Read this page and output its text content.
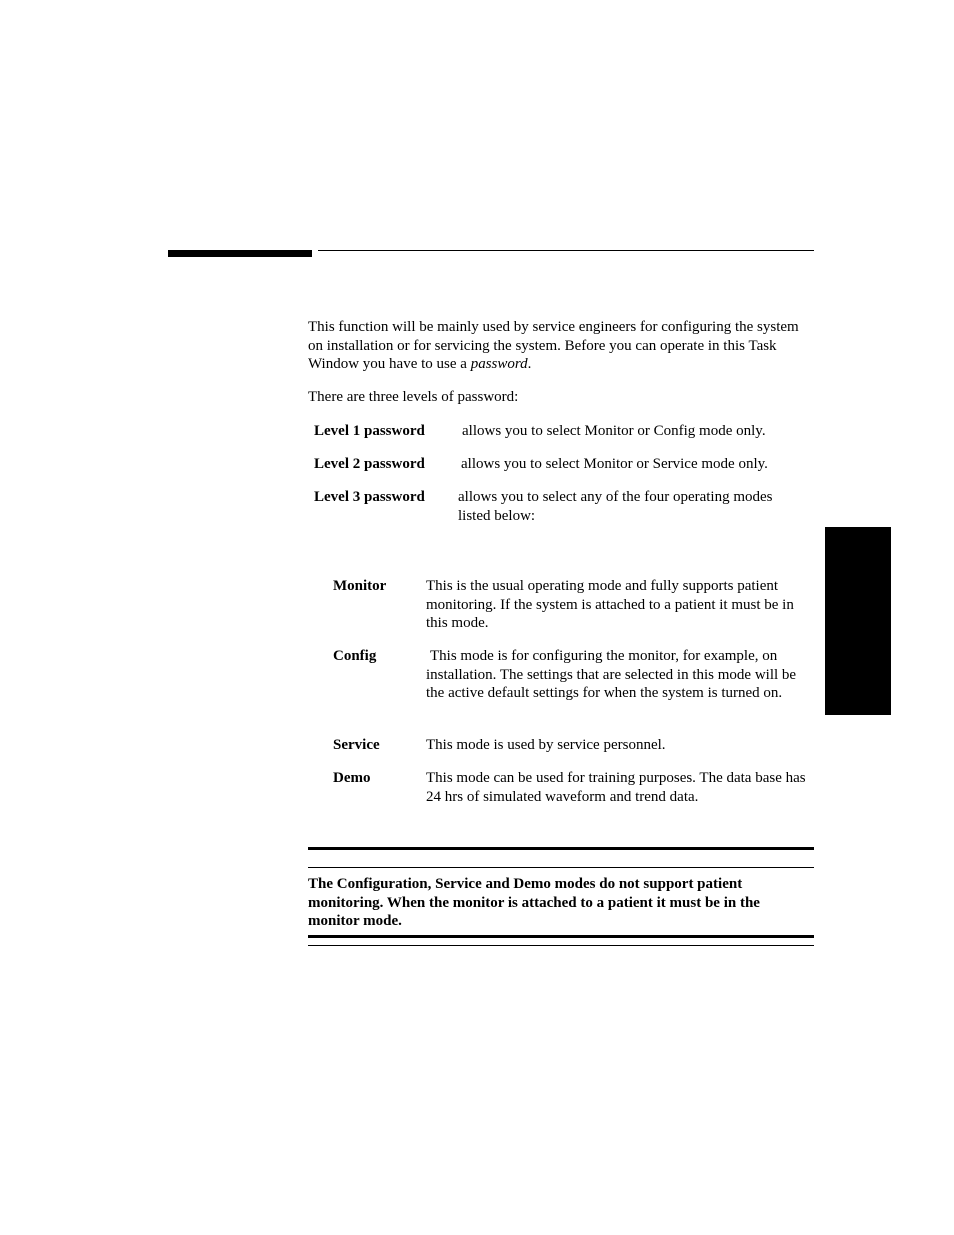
This function will be mainly used by service engineers for configuring the system on installation or for servicing the system. Before you can operate in this Task Window you have to use a password.
There are three levels of password:
Level 1 password allows you to select Monitor or Config mode only.
Level 2 password allows you to select Monitor or Service mode only.
Level 3 password allows you to select any of the four operating modes listed below:
Monitor	This is the usual operating mode and fully supports patient monitoring. If the system is attached to a patient it must be in this mode.
Config	This mode is for configuring the monitor, for example, on installation. The settings that are selected in this mode will be the active default settings for when the system is turned on.
Service	This mode is used by service personnel.
Demo	This mode can be used for training purposes. The data base has 24 hrs of simulated waveform and trend data.
The Configuration, Service and Demo modes do not support patient monitoring. When the monitor is attached to a patient it must be in the monitor mode.
